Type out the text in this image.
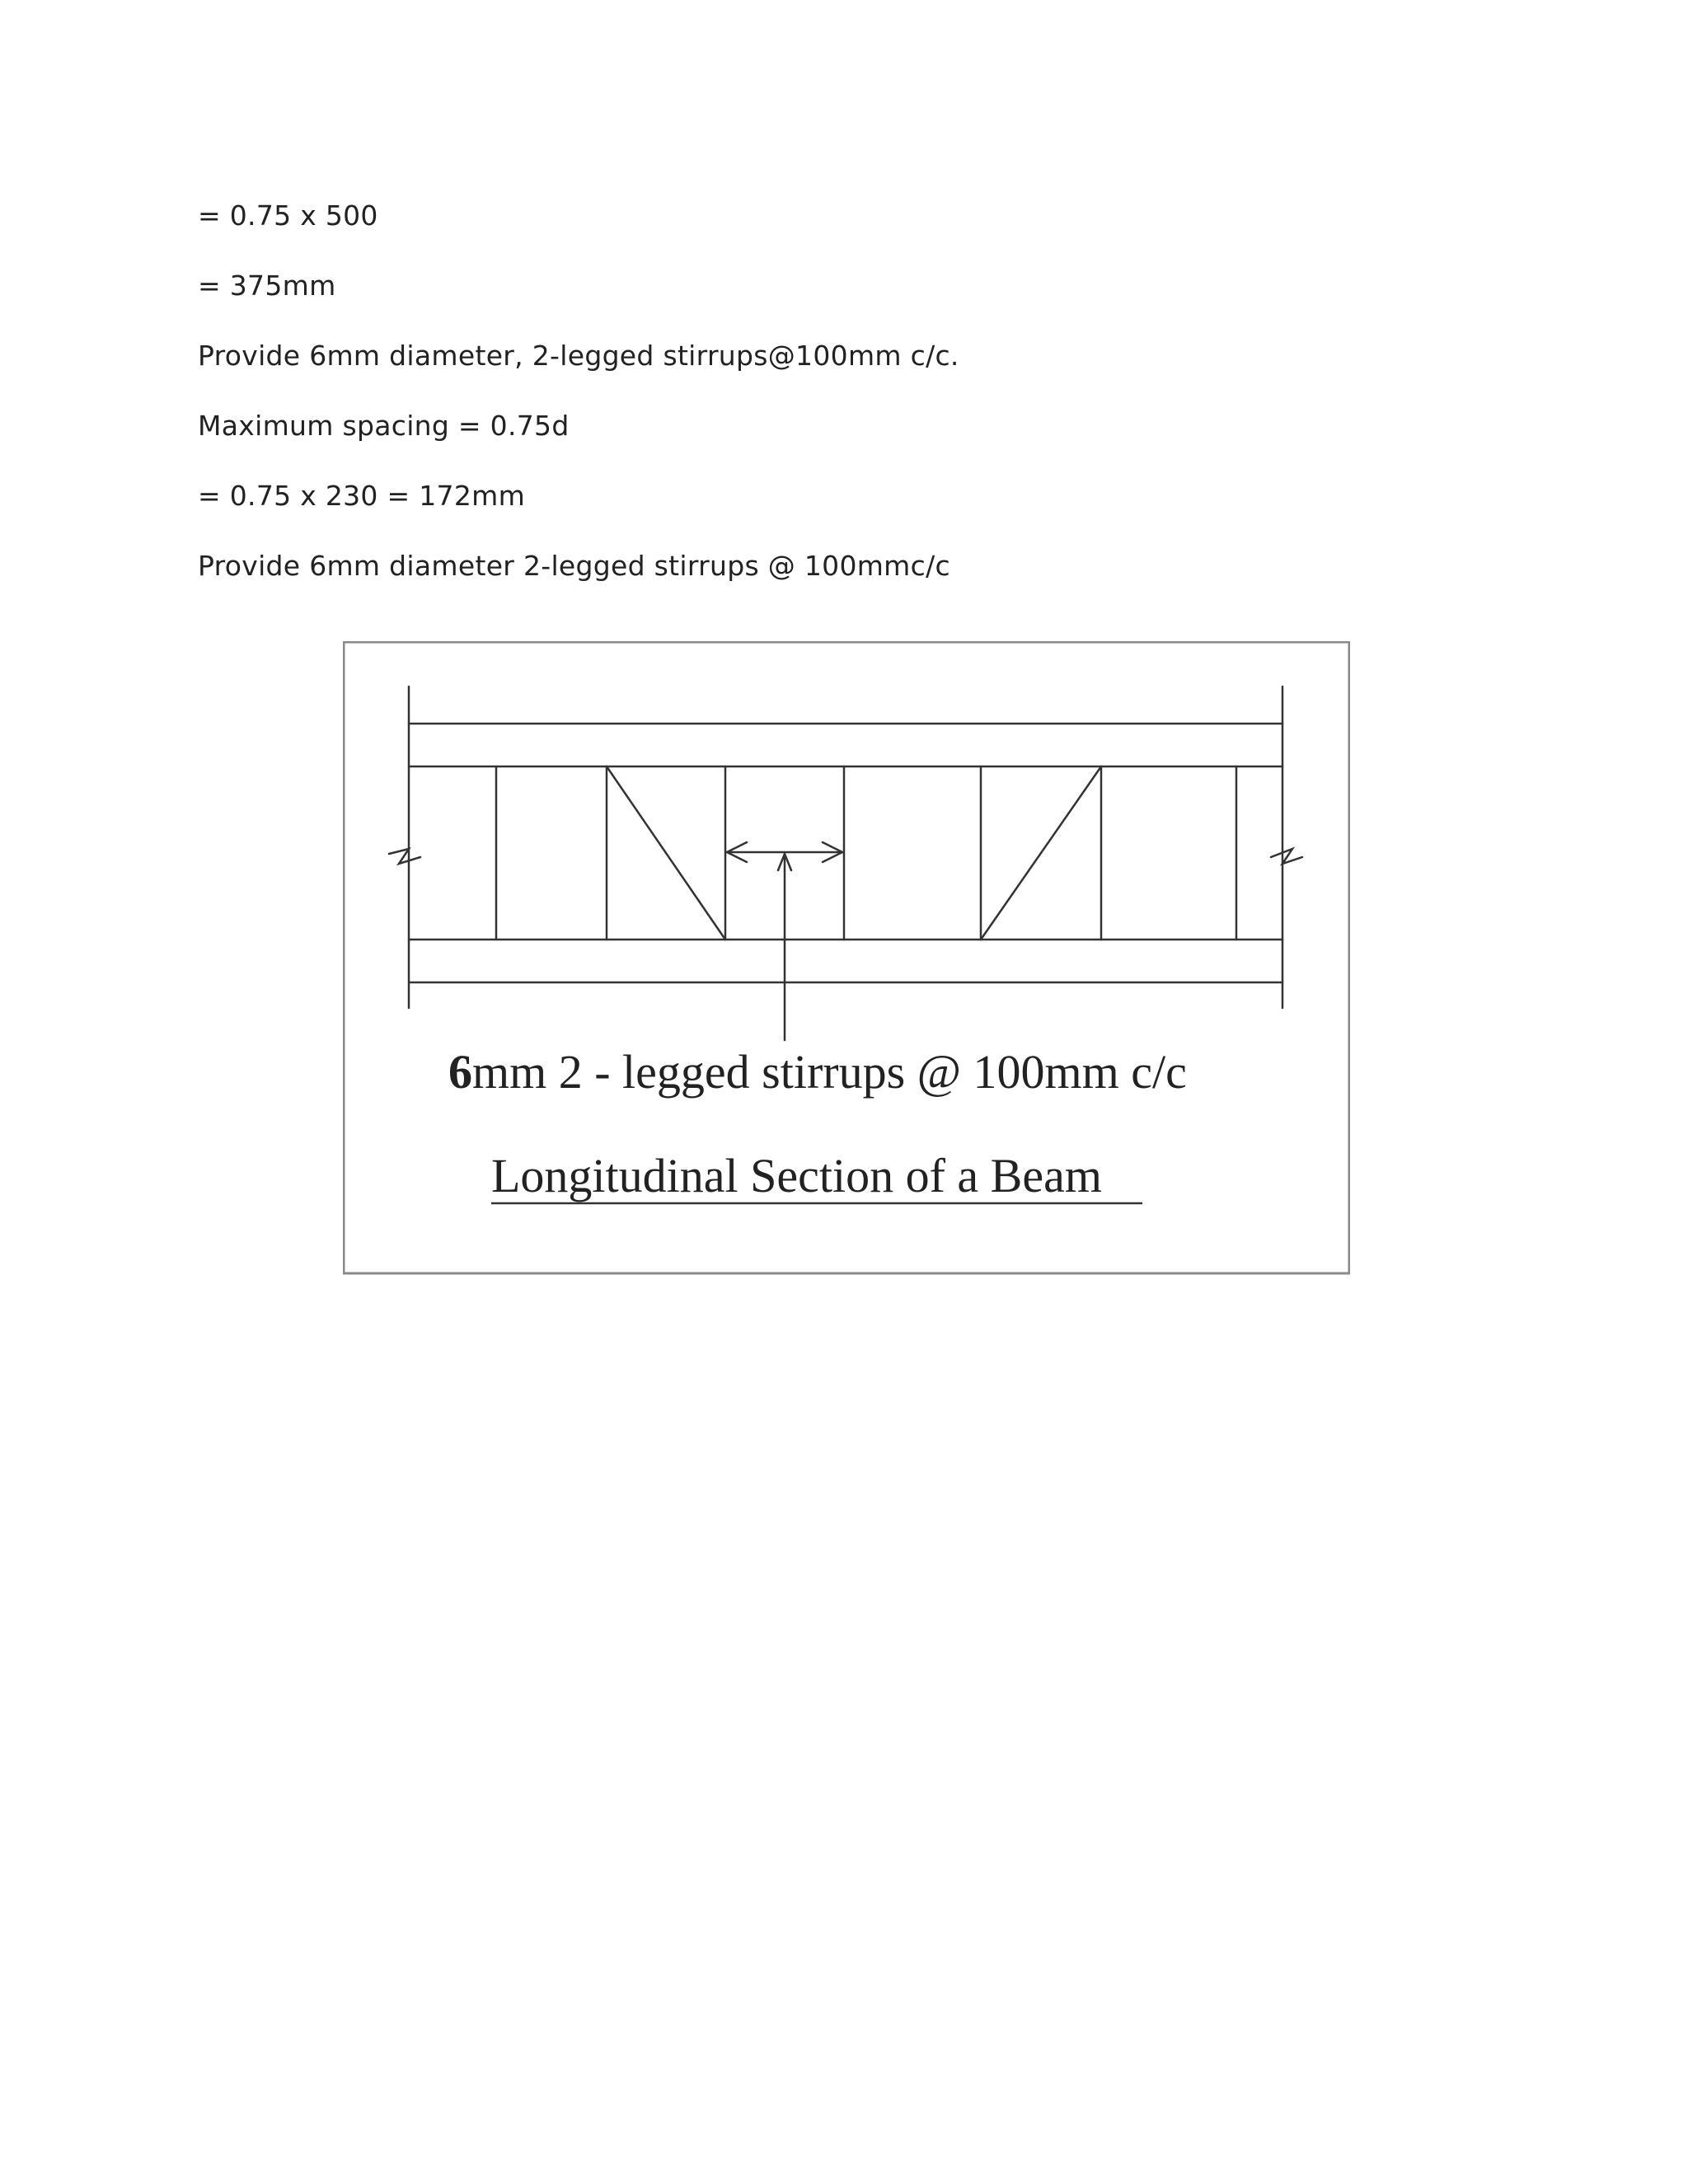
= 0.75 x 500
= 375mm
Provide 6mm diameter, 2-legged stirrups@100mm c/c.
Maximum spacing = 0.75d
= 0.75 x 230 = 172mm
Provide 6mm diameter 2-legged stirrups @ 100mmc/c
6mm 2 - legged stirrups @ 100mm c/c
Longitudinal Section of a Beam
